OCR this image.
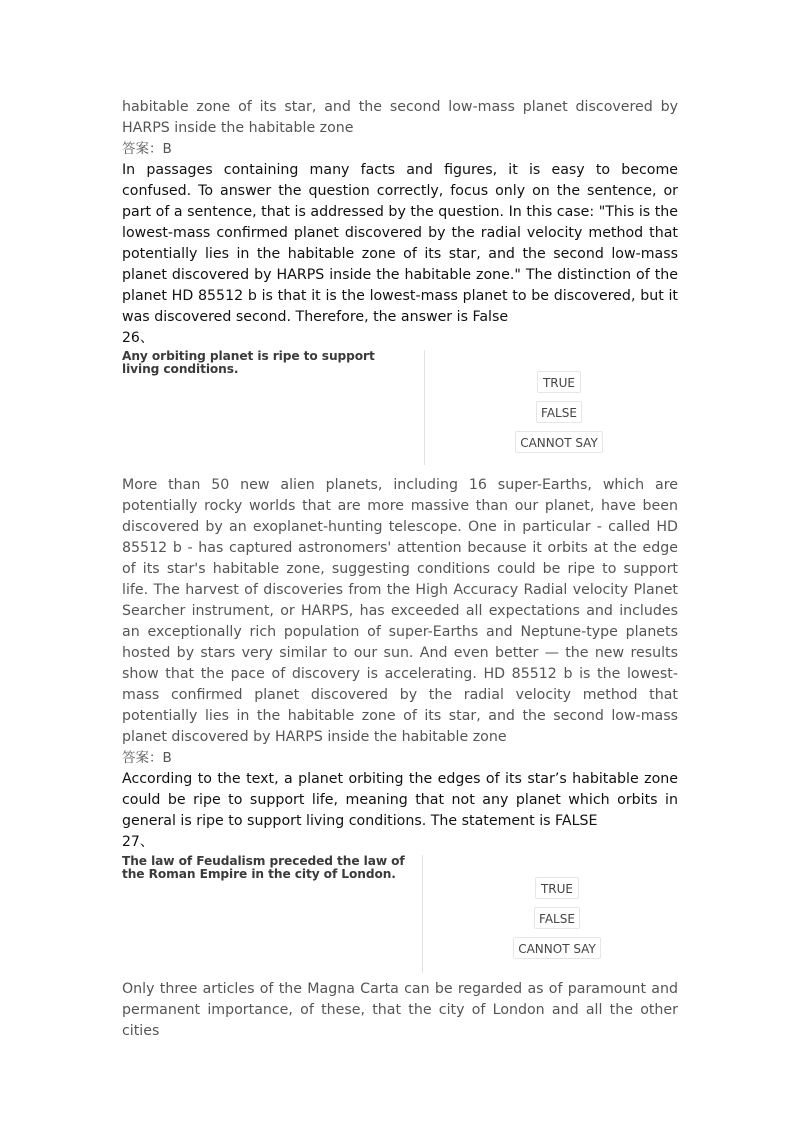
habitable zone of its star, and the second low-mass planet discovered by HARPS inside the habitable zone

答案：B

In passages containing many facts and figures, it is easy to become confused. To answer the question correctly, focus only on the sentence, or part of a sentence, that is addressed by the question. In this case: "This is the lowest-mass confirmed planet discovered by the radial velocity method that potentially lies in the habitable zone of its star, and the second low-mass planet discovered by HARPS inside the habitable zone." The distinction of the planet HD 85512 b is that it is the lowest-mass planet to be discovered, but it was discovered second. Therefore, the answer is False

26、

Any orbiting planet is ripe to support living conditions.

TRUE
FALSE
CANNOT SAY

More than 50 new alien planets, including 16 super-Earths, which are potentially rocky worlds that are more massive than our planet, have been discovered by an exoplanet-hunting telescope. One in particular - called HD 85512 b - has captured astronomers' attention because it orbits at the edge of its star's habitable zone, suggesting conditions could be ripe to support life. The harvest of discoveries from the High Accuracy Radial velocity Planet Searcher instrument, or HARPS, has exceeded all expectations and includes an exceptionally rich population of super-Earths and Neptune-type planets hosted by stars very similar to our sun. And even better — the new results show that the pace of discovery is accelerating. HD 85512 b is the lowest-mass confirmed planet discovered by the radial velocity method that potentially lies in the habitable zone of its star, and the second low-mass planet discovered by HARPS inside the habitable zone

答案：B

According to the text, a planet orbiting the edges of its star’s habitable zone could be ripe to support life, meaning that not any planet which orbits in general is ripe to support living conditions. The statement is FALSE

27、

The law of Feudalism preceded the law of the Roman Empire in the city of London.

TRUE
FALSE
CANNOT SAY

Only three articles of the Magna Carta can be regarded as of paramount and permanent importance, of these, that the city of London and all the other cities
